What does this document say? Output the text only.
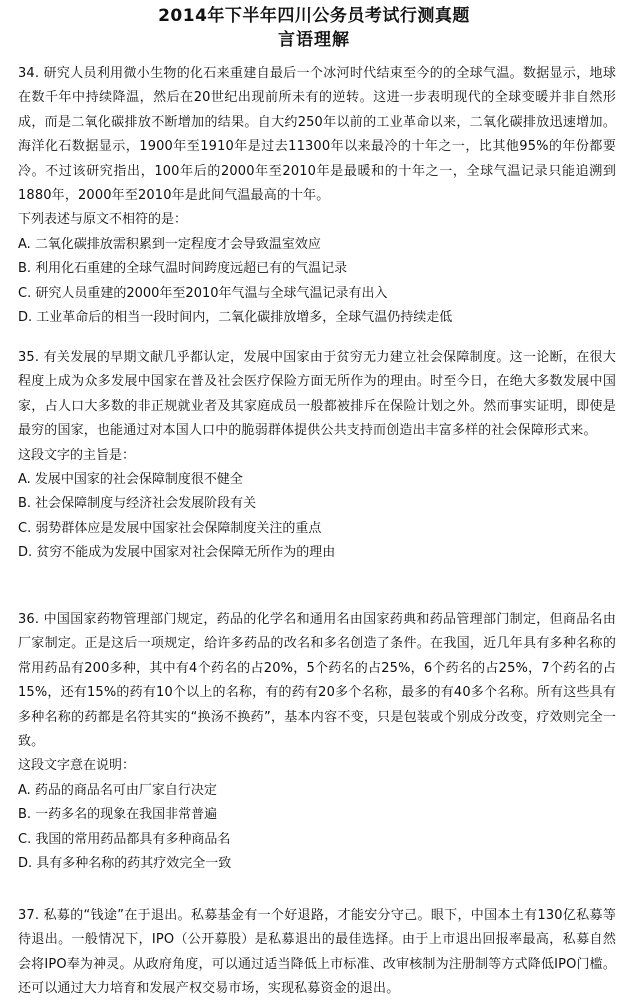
2014年下半年四川公务员考试行测真题

言语理解

34. 研究人员利用微小生物的化石来重建自最后一个冰河时代结束至今的的全球气温。数据显示，地球在数千年中持续降温，然后在20世纪出现前所未有的逆转。这进一步表明现代的全球变暖并非自然形成，而是二氧化碳排放不断增加的结果。自大约250年以前的工业革命以来，二氧化碳排放迅速增加。海洋化石数据显示，1900年至1910年是过去11300年以来最冷的十年之一，比其他95%的年份都要冷。不过该研究指出，100年后的2000年至2010年是最暖和的十年之一，全球气温记录只能追溯到1880年，2000年至2010年是此间气温最高的十年。

下列表述与原文不相符的是：

A. 二氧化碳排放需积累到一定程度才会导致温室效应

B. 利用化石重建的全球气温时间跨度远超已有的气温记录

C. 研究人员重建的2000年至2010年气温与全球气温记录有出入

D. 工业革命后的相当一段时间内，二氧化碳排放增多，全球气温仍持续走低

35. 有关发展的早期文献几乎都认定，发展中国家由于贫穷无力建立社会保障制度。这一论断，在很大程度上成为众多发展中国家在普及社会医疗保险方面无所作为的理由。时至今日，在绝大多数发展中国家，占人口大多数的非正规就业者及其家庭成员一般都被排斥在保险计划之外。然而事实证明，即使是最穷的国家，也能通过对本国人口中的脆弱群体提供公共支持而创造出丰富多样的社会保障形式来。

这段文字的主旨是：

A. 发展中国家的社会保障制度很不健全

B. 社会保障制度与经济社会发展阶段有关

C. 弱势群体应是发展中国家社会保障制度关注的重点

D. 贫穷不能成为发展中国家对社会保障无所作为的理由

36. 中国国家药物管理部门规定，药品的化学名和通用名由国家药典和药品管理部门制定，但商品名由厂家制定。正是这后一项规定，给许多药品的改名和多名创造了条件。在我国，近几年具有多种名称的常用药品有200多种，其中有4个药名的占20%，5个药名的占25%，6个药名的占25%，7个药名的占15%，还有15%的药有10个以上的名称，有的药有20多个名称，最多的有40多个名称。所有这些具有多种名称的药都是名符其实的“换汤不换药”，基本内容不变，只是包装或个别成分改变，疗效则完全一致。

这段文字意在说明：

A. 药品的商品名可由厂家自行决定

B. 一药多名的现象在我国非常普遍

C. 我国的常用药品都具有多种商品名

D. 具有多种名称的药其疗效完全一致

37. 私募的“钱途”在于退出。私募基金有一个好退路，才能安分守己。眼下，中国本土有130亿私募等待退出。一般情况下，IPO（公开募股）是私募退出的最佳选择。由于上市退出回报率最高，私募自然会将IPO奉为神灵。从政府角度，可以通过适当降低上市标准、改审核制为注册制等方式降低IPO门槛。还可以通过大力培育和发展产权交易市场，实现私募资金的退出。
